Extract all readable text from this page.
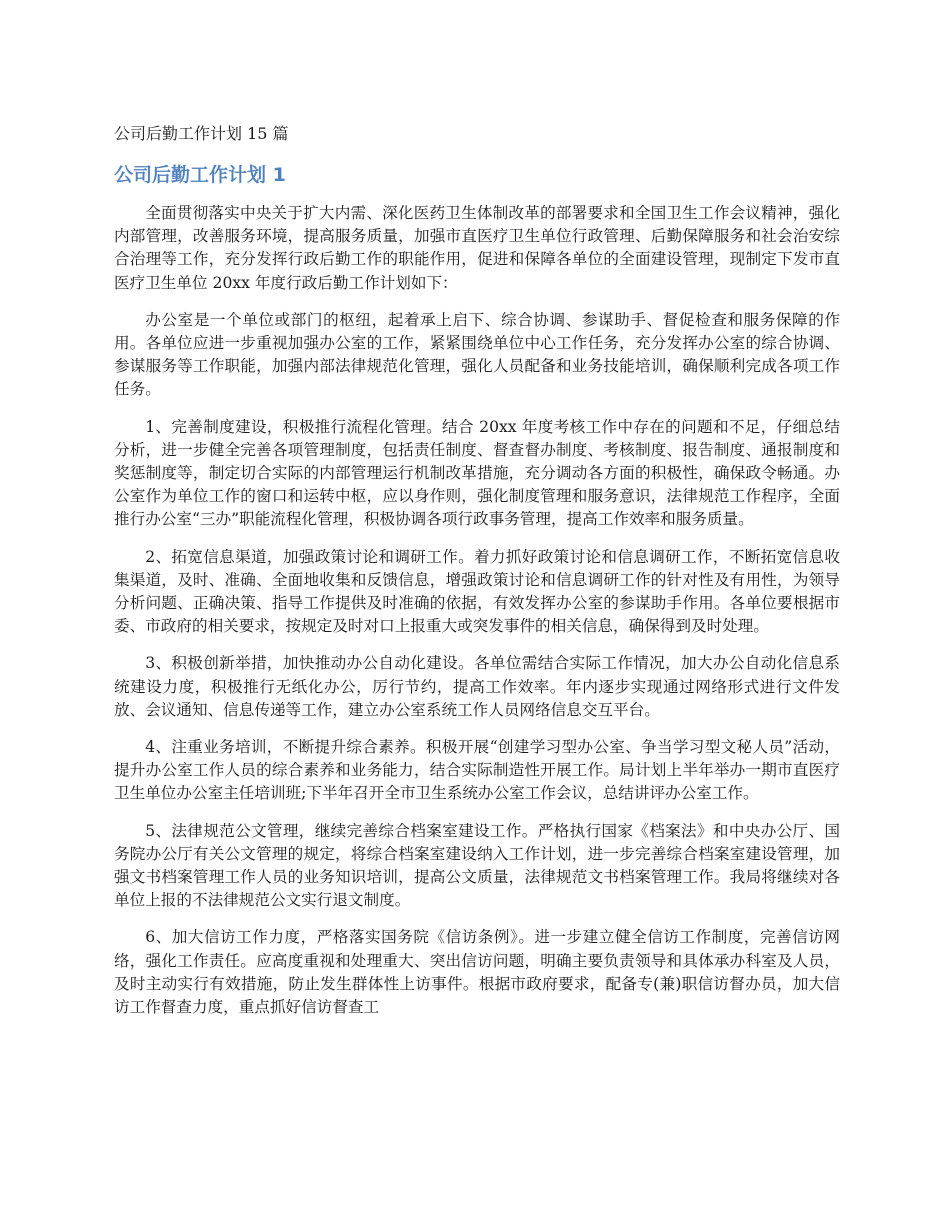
公司后勤工作计划 15 篇
公司后勤工作计划 1

全面贯彻落实中央关于扩大内需、深化医药卫生体制改革的部署要求和全国卫生工作会议精神，强化内部管理，改善服务环境，提高服务质量，加强市直医疗卫生单位行政管理、后勤保障服务和社会治安综合治理等工作，充分发挥行政后勤工作的职能作用，促进和保障各单位的全面建设管理，现制定下发市直医疗卫生单位 20xx 年度行政后勤工作计划如下：

办公室是一个单位或部门的枢纽，起着承上启下、综合协调、参谋助手、督促检查和服务保障的作用。各单位应进一步重视加强办公室的工作，紧紧围绕单位中心工作任务，充分发挥办公室的综合协调、参谋服务等工作职能，加强内部法律规范化管理，强化人员配备和业务技能培训，确保顺利完成各项工作任务。

1、完善制度建设，积极推行流程化管理。结合 20xx 年度考核工作中存在的问题和不足，仔细总结分析，进一步健全完善各项管理制度，包括责任制度、督查督办制度、考核制度、报告制度、通报制度和奖惩制度等，制定切合实际的内部管理运行机制改革措施，充分调动各方面的积极性，确保政令畅通。办公室作为单位工作的窗口和运转中枢，应以身作则，强化制度管理和服务意识，法律规范工作程序，全面推行办公室“三办”职能流程化管理，积极协调各项行政事务管理，提高工作效率和服务质量。

2、拓宽信息渠道，加强政策讨论和调研工作。着力抓好政策讨论和信息调研工作，不断拓宽信息收集渠道，及时、准确、全面地收集和反馈信息，增强政策讨论和信息调研工作的针对性及有用性，为领导分析问题、正确决策、指导工作提供及时准确的依据，有效发挥办公室的参谋助手作用。各单位要根据市委、市政府的相关要求，按规定及时对口上报重大或突发事件的相关信息，确保得到及时处理。

3、积极创新举措，加快推动办公自动化建设。各单位需结合实际工作情况，加大办公自动化信息系统建设力度，积极推行无纸化办公，厉行节约，提高工作效率。年内逐步实现通过网络形式进行文件发放、会议通知、信息传递等工作，建立办公室系统工作人员网络信息交互平台。

4、注重业务培训，不断提升综合素养。积极开展“创建学习型办公室、争当学习型文秘人员”活动，提升办公室工作人员的综合素养和业务能力，结合实际制造性开展工作。局计划上半年举办一期市直医疗卫生单位办公室主任培训班;下半年召开全市卫生系统办公室工作会议，总结讲评办公室工作。

5、法律规范公文管理，继续完善综合档案室建设工作。严格执行国家《档案法》和中央办公厅、国务院办公厅有关公文管理的规定，将综合档案室建设纳入工作计划，进一步完善综合档案室建设管理，加强文书档案管理工作人员的业务知识培训，提高公文质量，法律规范文书档案管理工作。我局将继续对各单位上报的不法律规范公文实行退文制度。

6、加大信访工作力度，严格落实国务院《信访条例》。进一步建立健全信访工作制度，完善信访网络，强化工作责任。应高度重视和处理重大、突出信访问题，明确主要负责领导和具体承办科室及人员，及时主动实行有效措施，防止发生群体性上访事件。根据市政府要求，配备专(兼)职信访督办员，加大信访工作督查力度，重点抓好信访督查工
